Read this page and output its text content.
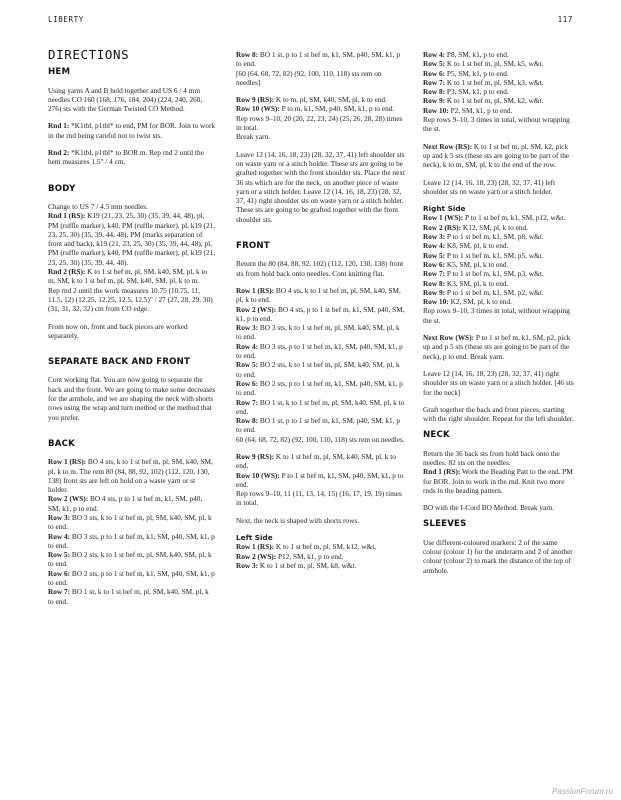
LIBERTY	117
DIRECTIONS
HEM

Using yarns A and B held together and US 6 / 4 mm needles CO 160 (168, 176, 184, 204) (224, 240, 260, 276) sts with the German Twisted CO Method.

Rnd 1: *K1tbl, p1tbl* to end, PM for BOR. Join to work in the rnd being careful not to twist sts.

Rnd 2: *K1tbl, p1tbl* to BOR m. Rep rnd 2 until the hem measures 1.5" / 4 cm.

BODY

Change to US 7 / 4.5 mm needles.

Rnd 1 (RS): K19 (21, 23, 25, 30) (35, 39, 44, 48), pl, PM (ruffle marker), k40, PM (ruffle marker), pl, k19 (21, 23, 25, 30) (35, 39, 44, 48), PM (marks separation of front and back), k19 (21, 23, 25, 30) (35, 39, 44, 48), pl, PM (ruffle marker), k40, PM (ruffle marker), pl, k19 (21, 23, 25, 30) (35, 39, 44, 48).

Rnd 2 (RS): K to 1 st bef m, pl, SM, k40, SM, pl, k to m, SM, k to 1 st bef m, pl, SM, k40, SM, pl, k to m.

Rep rnd 2 until the work measures 10.75 (10.75, 11, 11.5, 12) (12.25, 12.25, 12.5, 12.5)" / 27 (27, 28, 29, 30) (31, 31, 32, 32) cm from CO edge.

From now on, front and back pieces are worked separately.

SEPARATE BACK AND FRONT

Cont working flat. You are now going to separate the back and the front. We are going to make some decreases for the armhole, and we are shaping the neck with shorts rows using the wrap and turn method or the method that you prefer.

BACK

Row 1 (RS): BO 4 sts, k to 1 st bef m, pl, SM, k40, SM, pl, k to m. The rem 80 (84, 88, 92, 102) (112, 120, 130, 138) front sts are left on hold on a waste yarn or st holder.

Row 2 (WS): BO 4 sts, p to 1 st bef m, k1, SM, p40, SM, k1, p to end.

Row 3: BO 3 sts, k to 1 st bef m, pl, SM, k40, SM, pl, k to end.

Row 4: BO 3 sts, p to 1 st bef m, k1, SM, p40, SM, k1, p to end.

Row 5: BO 2 sts, k to 1 st bef m, pl, SM, k40, SM, pl, k to end.

Row 6: BO 2 sts, p to 1 st bef m, k1, SM, p40, SM, k1, p to end.

Row 7: BO 1 st, k to 1 st bef m, pl, SM, k40, SM, pl, k to end.

Row 8: BO 1 st, p to 1 st bef m, k1, SM, p40, SM, k1, p to end.

[60 (64, 68, 72, 82) (92, 100, 110, 118) sts rem on needles]

Row 9 (RS): K to m, pl, SM, k40, SM, pl, k to end.

Row 10 (WS): P to m, k1, SM, p40, SM, k1, p to end.

Rep rows 9–10, 20 (20, 22, 23, 24) (25, 26, 28, 28) times in total.

Break yarn.

Leave 12 (14, 16, 18, 23) (28, 32, 37, 41) left shoulder sts on waste yarn or a stitch holder. These sts are going to be grafted together with the front shoulder sts. Place the next 36 sts which are for the neck, on another piece of waste yarn or a stitch holder. Leave 12 (14, 16, 18, 23) (28, 32, 37, 41) right shoulder sts on waste yarn or a stitch holder. These sts are going to be grafted together with the front shoulder sts.

FRONT

Return the 80 (84, 88, 92, 102) (112, 120, 130, 138) front sts from hold back onto needles. Cont knitting flat.

Row 1 (RS): BO 4 sts, k to 1 st bef m, pl, SM, k40, SM, pl, k to end.

Row 2 (WS): BO 4 sts, p to 1 st bef m, k1, SM, p40, SM, k1, p to end.

Row 3: BO 3 sts, k to 1 st bef m, pl, SM, k40, SM, pl, k to end.

Row 4: BO 3 sts, p to 1 st bef m, k1, SM, p40, SM, k1, p to end.

Row 5: BO 2 sts, k to 1 st bef m, pl, SM, k40, SM, pl, k to end.

Row 6: BO 2 sts, p to 1 st bef m, k1, SM, p40, SM, k1, p to end.

Row 7: BO 1 st, k to 1 st bef m, pl, SM, k40, SM, pl, k to end.

Row 8: BO 1 st, p to 1 st bef m, k1, SM, p40, SM, k1, p to end.

60 (64, 68, 72, 82) (92, 100, 110, 118) sts rem on needles.

Row 9 (RS): K to 1 st bef m, pl, SM, k40, SM, pl, k to end.

Row 10 (WS): P to 1 st bef m, k1, SM, p40, SM, k1, p to end.

Rep rows 9–10, 11 (11, 13, 14, 15) (16, 17, 19, 19) times in total.

Next, the neck is shaped with shorts rows.

Left Side

Row 1 (RS): K to 1 st bef m, pl, SM, k12, w&t.

Row 2 (WS): P12, SM, k1, p to end.

Row 3: K to 1 st bef m, pl, SM, k8, w&t.

Row 4: P8, SM, k1, p to end.

Row 5: K to 1 st bef m, pl, SM, k5, w&t.

Row 6: P5, SM, k1, p to end.

Row 7: K to 1 st bef m, pl, SM, k3, w&t.

Row 8: P3, SM, k1, p to end.

Row 9: K to 1 st bef m, pl, SM, k2, w&t.

Row 10: P2, SM, k1, p to end.

Rep rows 9–10, 3 times in total, without wrapping the st.

Next Row (RS): K to 1 st bef m, pl, SM, k2, pick up and k 5 sts (these sts are going to be part of the neck), k to m, SM, pl, k to the end of the row.

Leave 12 (14, 16, 18, 23) (28, 32, 37, 41) left shoulder sts on waste yarn or a stitch holder.

Right Side

Row 1 (WS): P to 1 st bef m, k1, SM, p12, w&t.

Row 2 (RS): K12, SM, pl, k to end.

Row 3: P to 1 st bef m, k1, SM, p8, w&t.

Row 4: K8, SM, pl, k to end.

Row 5: P to 1 st bef m, k1, SM, p5, w&t.

Row 6: K5, SM, pl, k to end.

Row 7: P to 1 st bef m, k1, SM, p3, w&t.

Row 8: K3, SM, pl, k to end.

Row 9: P to 1 st bef m, k1, SM, p2, w&t.

Row 10: K2, SM, pl, k to end.

Rep rows 9–10, 3 times in total, without wrapping the st.

Next Row (WS): P to 1 st bef m, k1, SM, p2, pick up and p 5 sts (these sts are going to be part of the neck), p to end. Break yarn.

Leave 12 (14, 16, 18, 23) (28, 32, 37, 41) right shoulder sts on waste yarn or a stitch holder. [46 sts for the neck]

Graft together the back and front pieces, starting with the right shoulder. Repeat for the left shoulder.

NECK

Return the 36 back sts from hold back onto the needles. 82 sts on the needles.

Rnd 1 (RS): Work the Beading Patt to the end. PM for BOR. Join to work in the rnd. Knit two more rnds in the beading pattern.

BO with the I-Cord BO Method. Break yarn.

SLEEVES

Use different-coloured markers: 2 of the same colour (colour 1) for the underarm and 2 of another colour (colour 2) to mark the distance of the top of armhole.

PassionForum.ru
